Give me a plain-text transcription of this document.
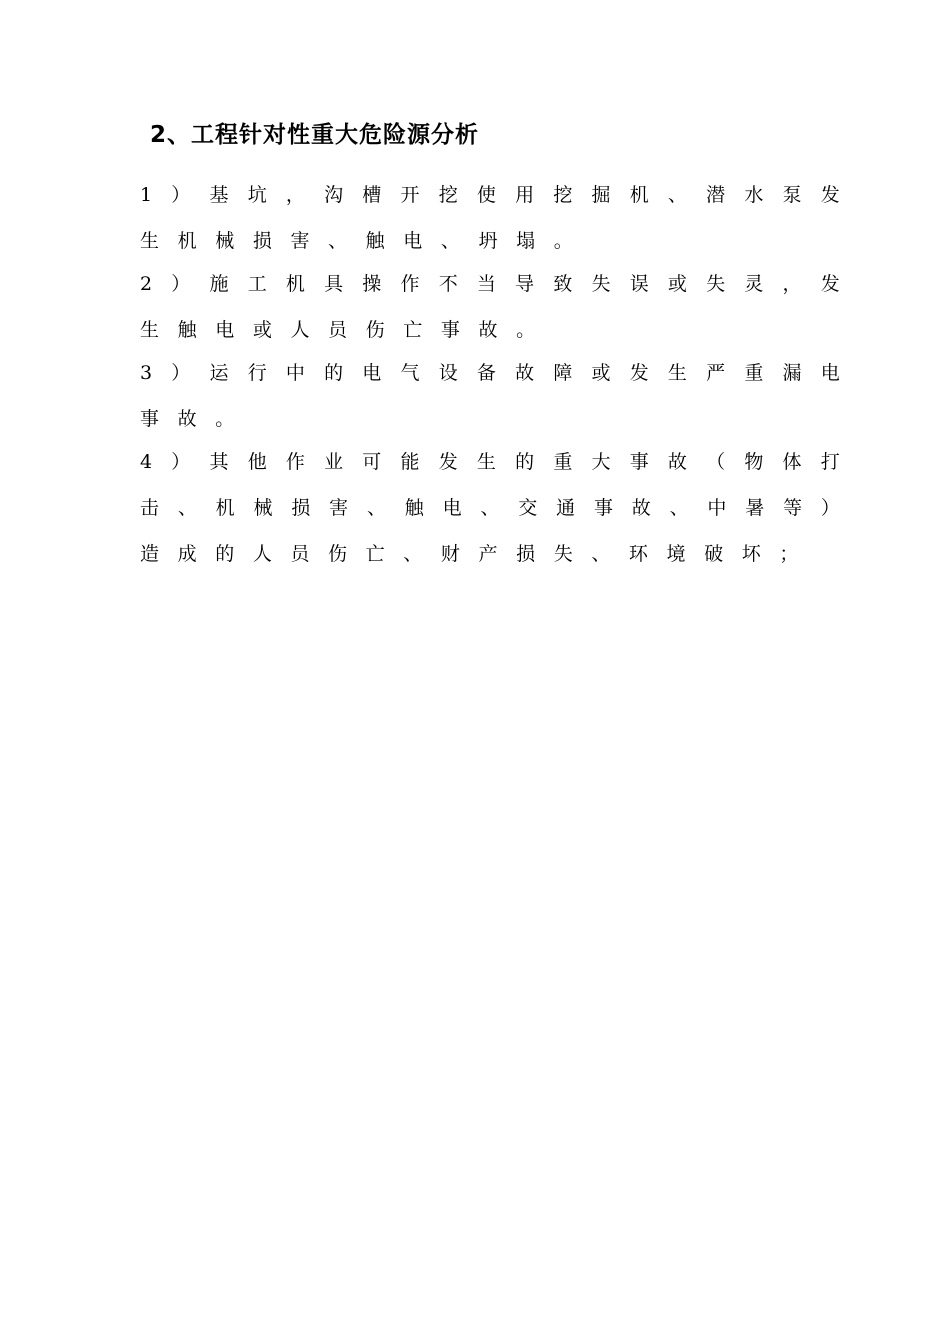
2、工程针对性重大危险源分析
1 ） 基 坑 ， 沟 槽 开 挖 使 用 挖 掘 机 、 潜 水 泵 发
生 机 械 损 害 、 触 电 、 坍 塌 。
2 ） 施 工 机 具 操 作 不 当 导 致 失 误 或 失 灵 ， 发
生 触 电 或 人 员 伤 亡 事 故 。
3 ） 运 行 中 的 电 气 设 备 故 障 或 发 生 严 重 漏 电
事 故 。
4 ） 其 他 作 业 可 能 发 生 的 重 大 事 故 （ 物 体 打
击 、 机 械 损 害 、 触 电 、 交 通 事 故 、 中 暑 等 ）
造 成 的 人 员 伤 亡 、 财 产 损 失 、 环 境 破 坏 ；
